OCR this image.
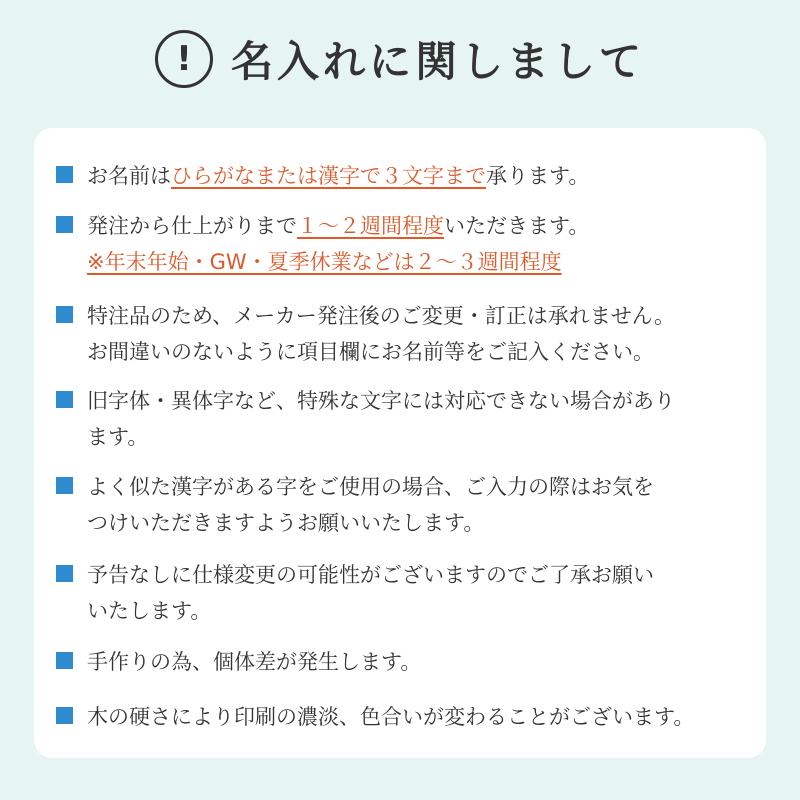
! 名入れに関しまして
お名前はひらがなまたは漢字で３文字まで承ります。
発注から仕上がりまで１～２週間程度いただきます。
※年末年始・GW・夏季休業などは２～３週間程度
特注品のため、メーカー発注後のご変更・訂正は承れません。
お間違いのないように項目欄にお名前等をご記入ください。
旧字体・異体字など、特殊な文字には対応できない場合があり
ます。
よく似た漢字がある字をご使用の場合、ご入力の際はお気を
つけいただきますようお願いいたします。
予告なしに仕様変更の可能性がございますのでご了承お願い
いたします。
手作りの為、個体差が発生します。
木の硬さにより印刷の濃淡、色合いが変わることがございます。
